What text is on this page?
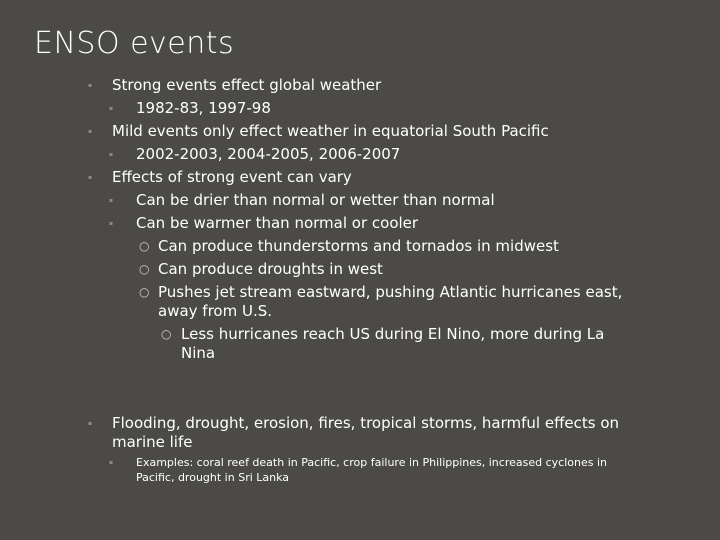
ENSO events
▪ Strong events effect global weather
▪ 1982-83, 1997-98
▪ Mild events only effect weather in equatorial South Pacific
▪ 2002-2003, 2004-2005, 2006-2007
▪ Effects of strong event can vary
▪ Can be drier than normal or wetter than normal
▪ Can be warmer than normal or cooler
○ Can produce thunderstorms and tornados in midwest
○ Can produce droughts in west
○ Pushes jet stream eastward, pushing Atlantic hurricanes east, away from U.S.
○ Less hurricanes reach US during El Nino, more during La Nina
▪ Flooding, drought, erosion, fires, tropical storms, harmful effects on marine life
▪ Examples: coral reef death in Pacific, crop failure in Philippines, increased cyclones in Pacific, drought in Sri Lanka
